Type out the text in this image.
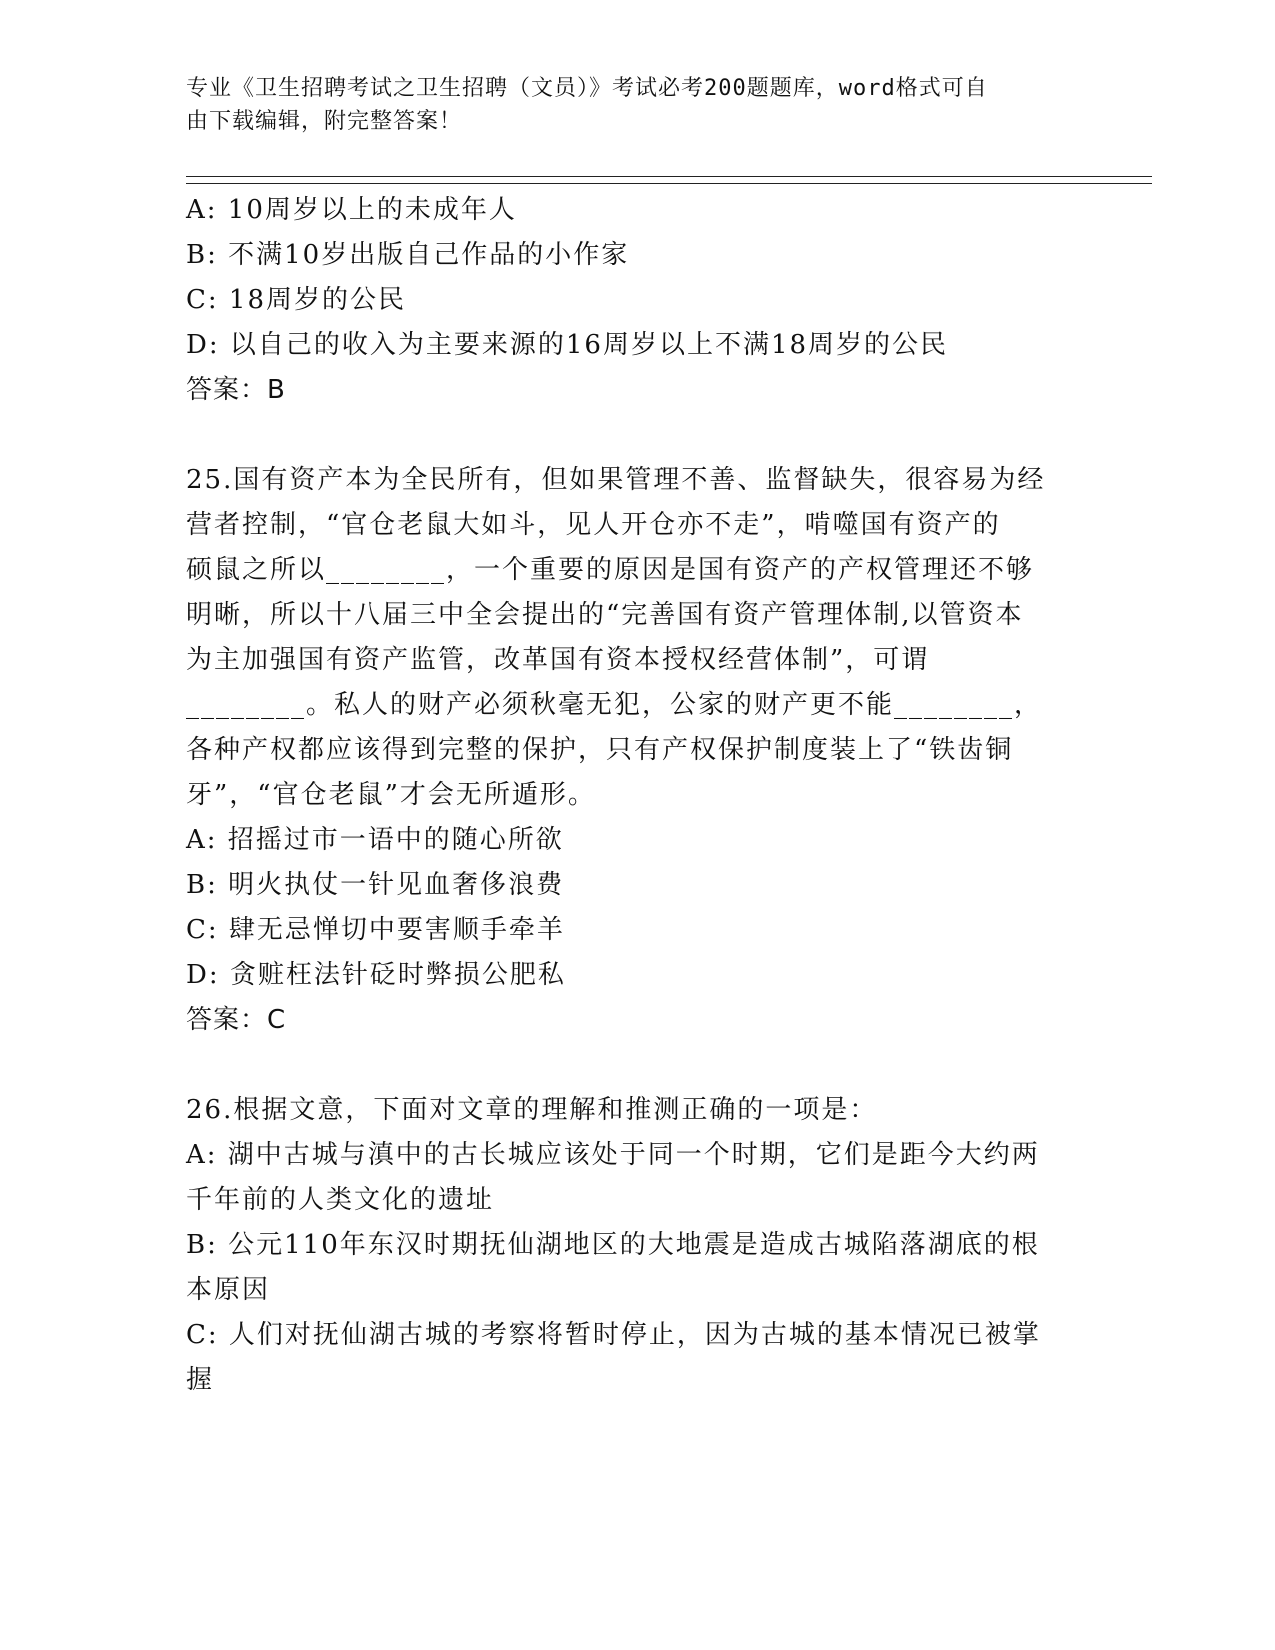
专业《卫生招聘考试之卫生招聘（文员）》考试必考200题题库，word格式可自
由下载编辑，附完整答案！
A: 10周岁以上的未成年人
B: 不满10岁出版自己作品的小作家
C: 18周岁的公民
D: 以自己的收入为主要来源的16周岁以上不满18周岁的公民
答案：B
25.国有资产本为全民所有，但如果管理不善、监督缺失，很容易为经
营者控制，“官仓老鼠大如斗，见人开仓亦不走”，啃噬国有资产的
硕鼠之所以________，一个重要的原因是国有资产的产权管理还不够
明晰，所以十八届三中全会提出的“完善国有资产管理体制,以管资本
为主加强国有资产监管，改革国有资本授权经营体制”，可谓
________。私人的财产必须秋毫无犯，公家的财产更不能________，
各种产权都应该得到完整的保护，只有产权保护制度装上了“铁齿铜
牙”，“官仓老鼠”才会无所遁形。
A: 招摇过市一语中的随心所欲
B: 明火执仗一针见血奢侈浪费
C: 肆无忌惮切中要害顺手牵羊
D: 贪赃枉法针砭时弊损公肥私
答案：C
26.根据文意，下面对文章的理解和推测正确的一项是：
A: 湖中古城与滇中的古长城应该处于同一个时期，它们是距今大约两
千年前的人类文化的遗址
B: 公元110年东汉时期抚仙湖地区的大地震是造成古城陷落湖底的根
本原因
C: 人们对抚仙湖古城的考察将暂时停止，因为古城的基本情况已被掌
握
